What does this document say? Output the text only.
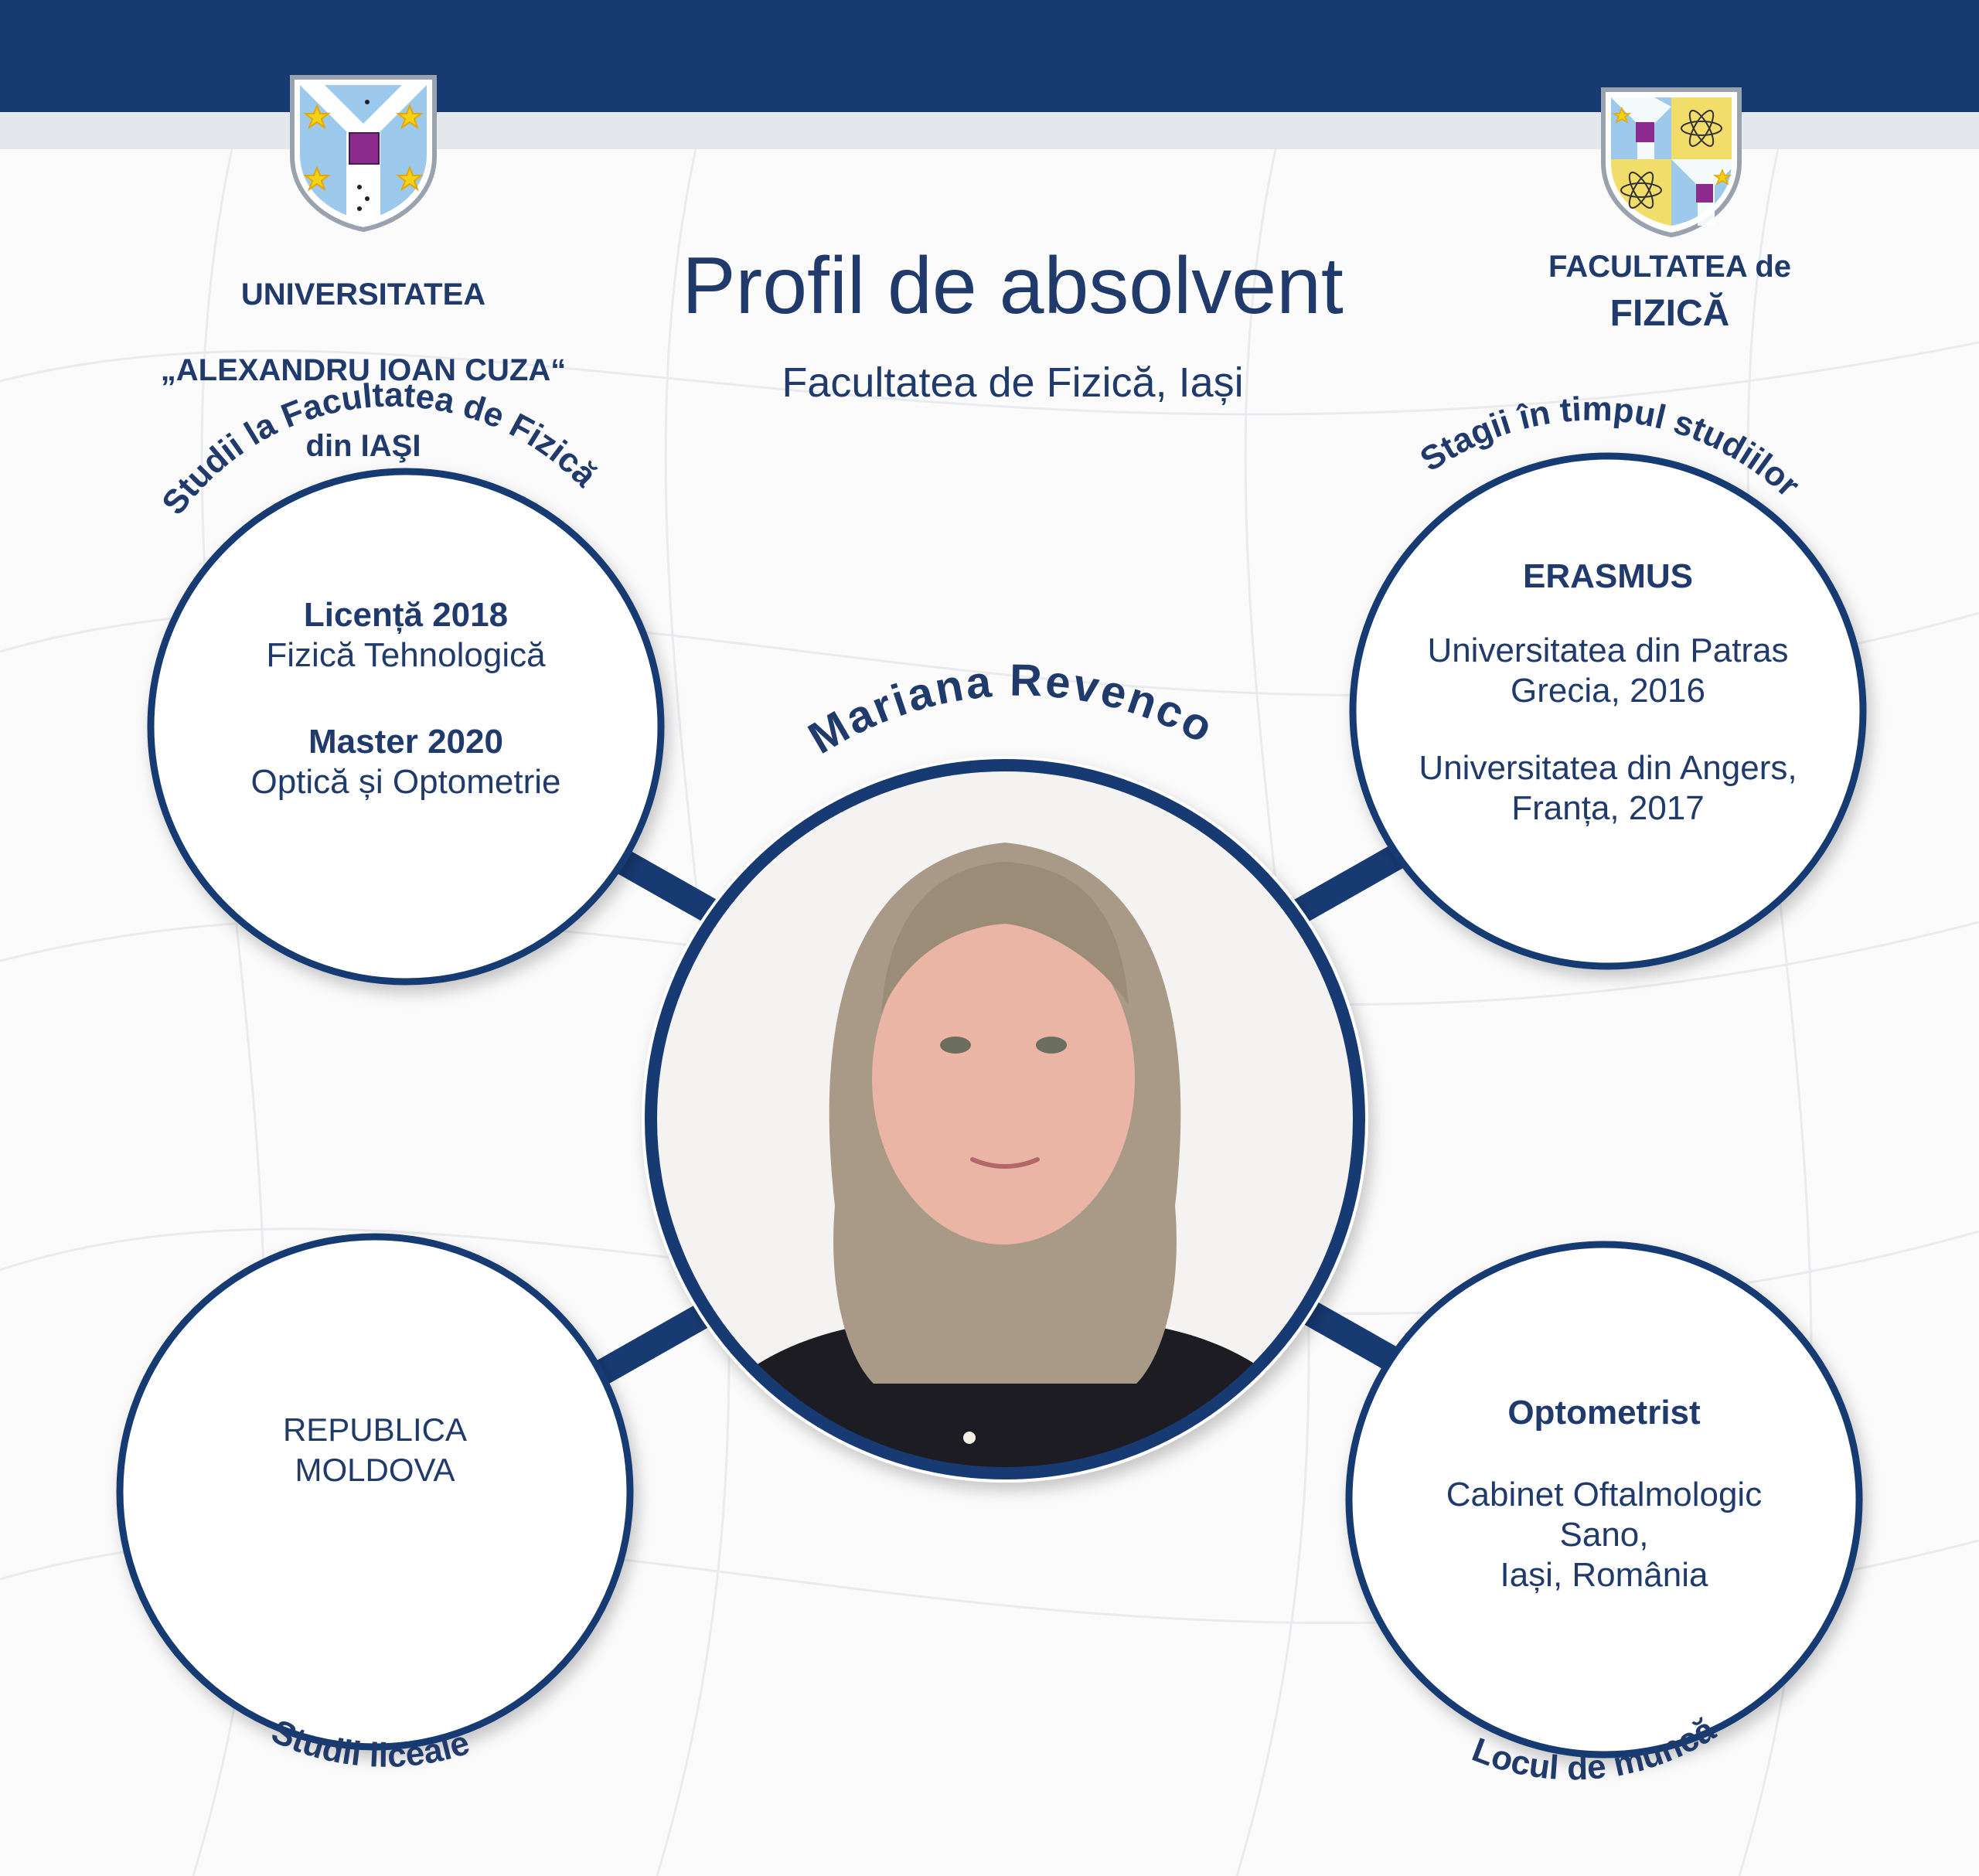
UNIVERSITATEA

„ALEXANDRU IOAN CUZA“

din IAŞI

FACULTATEA de
FIZICĂ
Profil de absolvent
Facultatea de Fizică, Iași
Studii la Facultatea de Fizică	Stagii în timpul studiilor
Mariana Revenco
Studii liceale	Locul de muncă
Licență 2018
Fizică Tehnologică
Master 2020
Optică și Optometrie
ERASMUS
Universitatea din Patras
Grecia, 2016
Universitatea din Angers,
Franța, 2017
REPUBLICA
MOLDOVA
Optometrist
Cabinet Oftalmologic
Sano,
Iași, România
